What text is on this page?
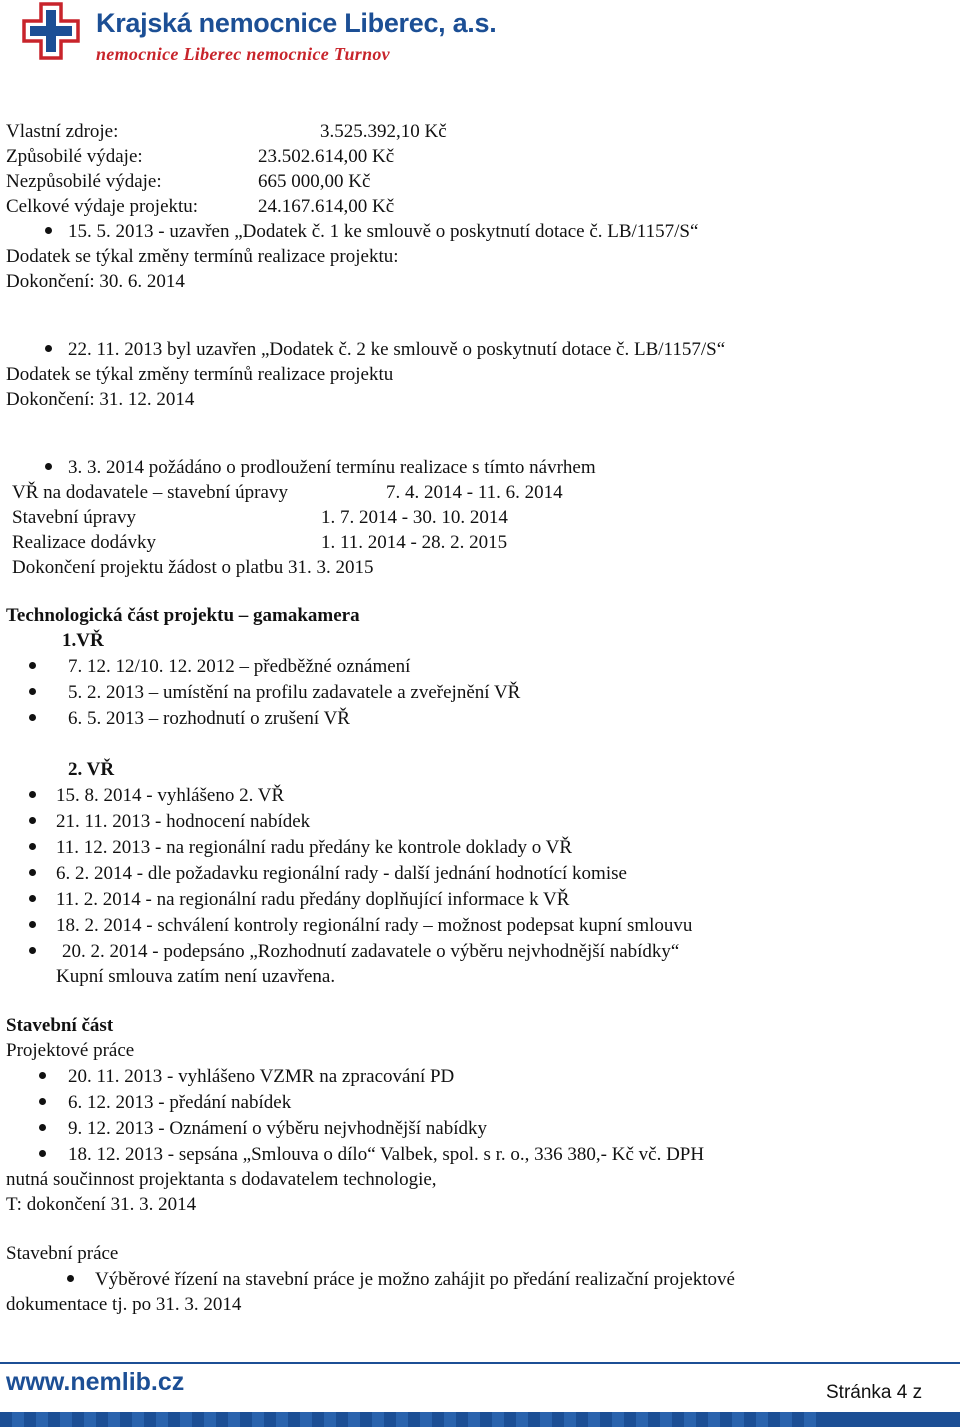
Krajská nemocnice Liberec, a.s.
nemocnice Liberec nemocnice Turnov
Vlastní zdroje:	3.525.392,10 Kč
Způsobilé výdaje:	23.502.614,00 Kč
Nezpůsobilé výdaje:	665 000,00 Kč
Celkové výdaje projektu:	24.167.614,00 Kč
15. 5. 2013 - uzavřen „Dodatek č. 1 ke smlouvě o poskytnutí dotace č. LB/1157/S“
Dodatek se týkal změny termínů realizace projektu:
Dokončení: 30. 6. 2014
22. 11. 2013 byl uzavřen „Dodatek č. 2 ke smlouvě o poskytnutí dotace č. LB/1157/S“
Dodatek se týkal změny termínů realizace projektu
Dokončení: 31. 12. 2014
3. 3. 2014 požádáno o prodloužení termínu realizace s tímto návrhem
VŘ na dodavatele – stavební úpravy	7. 4. 2014 - 11. 6. 2014
Stavební úpravy	1. 7. 2014 - 30. 10. 2014
Realizace dodávky	1. 11. 2014 - 28. 2. 2015
Dokončení projektu žádost o platbu 31. 3. 2015
Technologická část projektu – gamakamera
1.VŘ
7. 12. 12/10. 12. 2012 – předběžné oznámení
5. 2. 2013 – umístění na profilu zadavatele a zveřejnění VŘ
6. 5. 2013 – rozhodnutí o zrušení VŘ
2. VŘ
15. 8. 2014 - vyhlášeno 2. VŘ
21. 11. 2013 - hodnocení nabídek
11. 12. 2013 - na regionální radu předány ke kontrole doklady o VŘ
6. 2. 2014 - dle požadavku regionální rady - další jednání hodnotící komise
11. 2. 2014 - na regionální radu předány doplňující informace k VŘ
18. 2. 2014 - schválení kontroly regionální rady – možnost podepsat kupní smlouvu
20. 2. 2014 - podepsáno „Rozhodnutí zadavatele o výběru nejvhodnější nabídky“
Kupní smlouva zatím není uzavřena.
Stavební část
Projektové práce
20. 11. 2013 - vyhlášeno VZMR na zpracování PD
6. 12. 2013 - předání nabídek
9. 12. 2013 - Oznámení o výběru nejvhodnější nabídky
18. 12. 2013 - sepsána „Smlouva o dílo“ Valbek, spol. s r. o., 336 380,- Kč vč. DPH
nutná součinnost projektanta s dodavatelem technologie,
T: dokončení 31. 3. 2014
Stavební práce
Výběrové řízení na stavební práce je možno zahájit po předání realizační projektové
dokumentace tj. po 31. 3. 2014
www.nemlib.cz	Stránka 4 z
